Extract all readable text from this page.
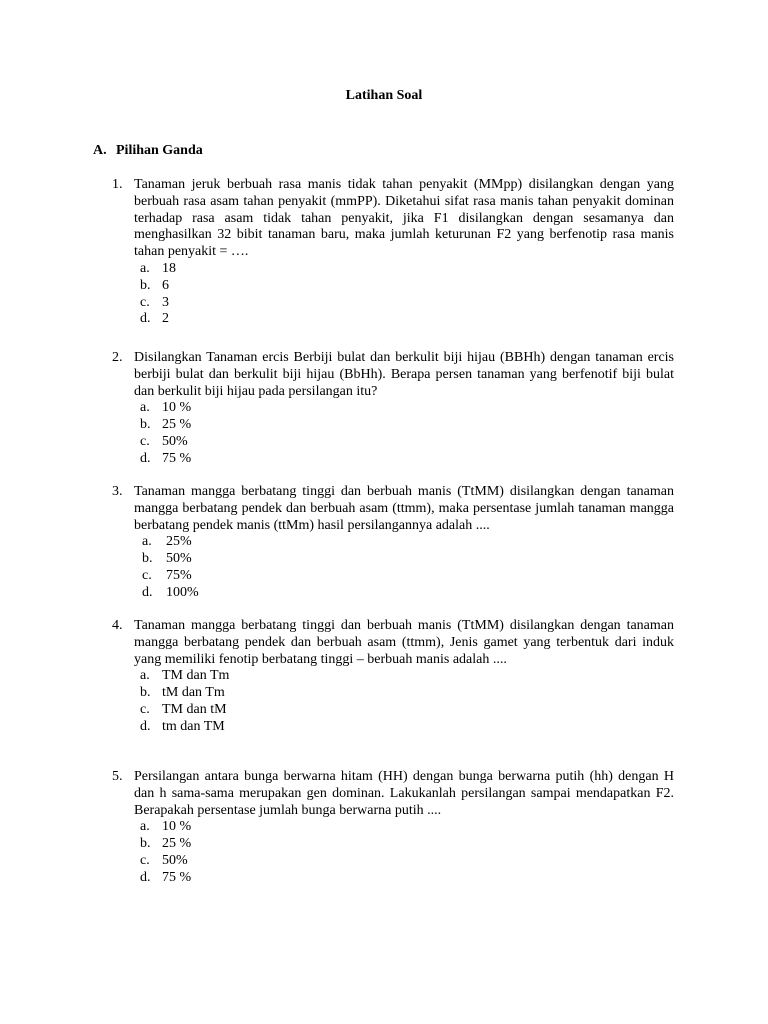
Latihan Soal
A. Pilihan Ganda
1. Tanaman jeruk berbuah rasa manis tidak tahan penyakit (MMpp) disilangkan dengan yang berbuah rasa asam tahan penyakit (mmPP). Diketahui sifat rasa manis tahan penyakit dominan terhadap rasa asam tidak tahan penyakit, jika F1 disilangkan dengan sesamanya dan menghasilkan 32 bibit tanaman baru, maka jumlah keturunan F2 yang berfenotip rasa manis tahan penyakit = ….
a. 18
b. 6
c. 3
d. 2
2. Disilangkan Tanaman ercis Berbiji bulat dan berkulit biji hijau (BBHh) dengan tanaman ercis berbiji bulat dan berkulit biji hijau (BbHh). Berapa persen tanaman yang berfenotif biji bulat dan berkulit biji hijau pada persilangan itu?
a. 10 %
b. 25 %
c. 50%
d. 75 %
3. Tanaman mangga berbatang tinggi dan berbuah manis (TtMM) disilangkan dengan tanaman mangga berbatang pendek dan berbuah asam (ttmm), maka persentase jumlah tanaman mangga berbatang pendek manis (ttMm) hasil persilangannya adalah ....
a. 25%
b. 50%
c. 75%
d. 100%
4. Tanaman mangga berbatang tinggi dan berbuah manis (TtMM) disilangkan dengan tanaman mangga berbatang pendek dan berbuah asam (ttmm), Jenis gamet yang terbentuk dari induk yang memiliki fenotip berbatang tinggi – berbuah manis adalah ....
a. TM dan Tm
b. tM dan Tm
c. TM dan tM
d. tm dan TM
5. Persilangan antara bunga berwarna hitam (HH) dengan bunga berwarna putih (hh) dengan H dan h sama-sama merupakan gen dominan. Lakukanlah persilangan sampai mendapatkan F2. Berapakah persentase jumlah bunga berwarna putih ....
a. 10 %
b. 25 %
c. 50%
d. 75 %
